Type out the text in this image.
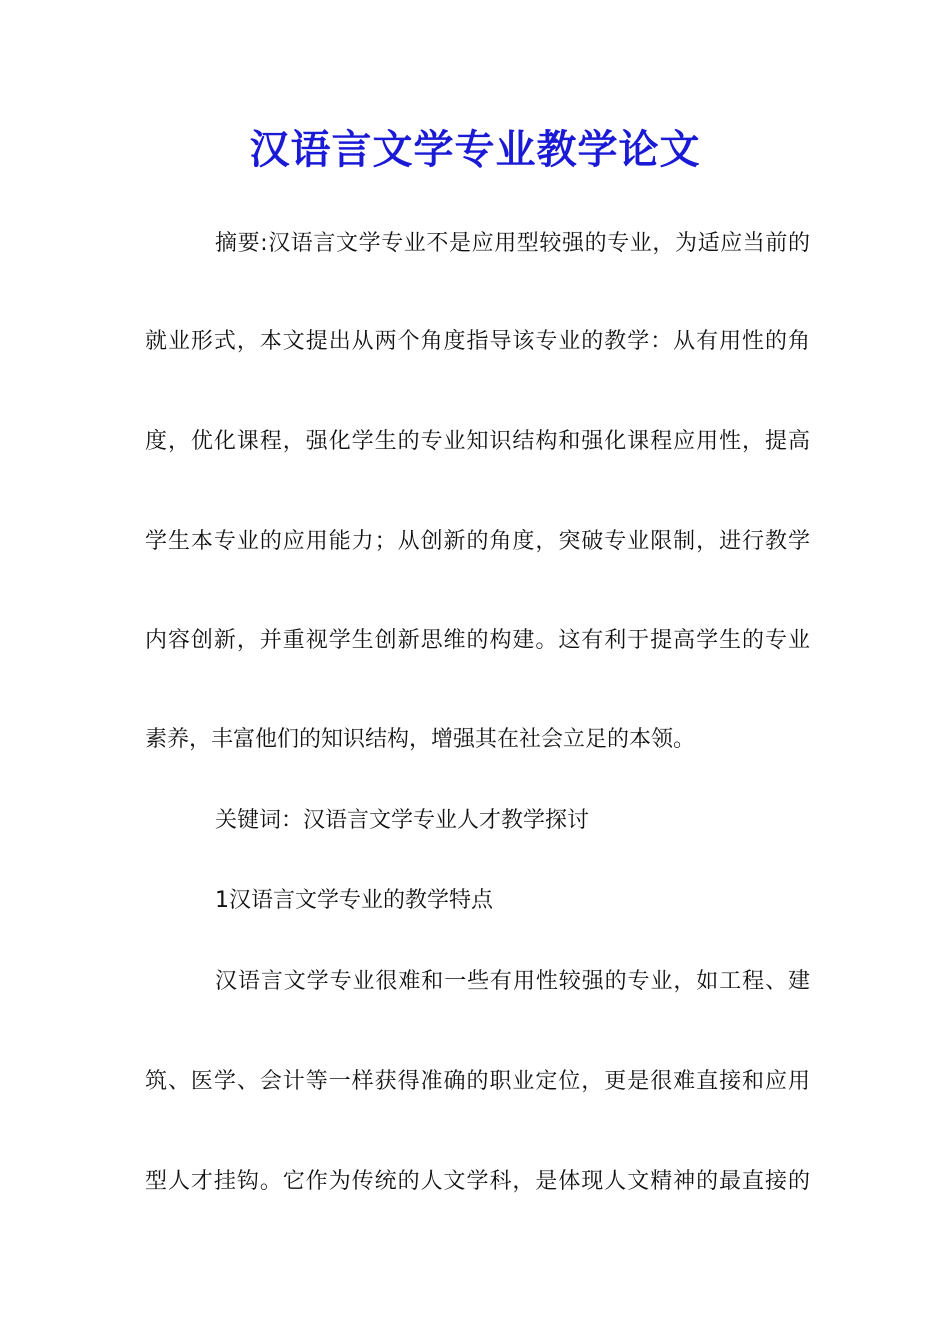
汉语言文学专业教学论文
摘要:汉语言文学专业不是应用型较强的专业，为适应当前的
就业形式，本文提出从两个角度指导该专业的教学：从有用性的角
度，优化课程，强化学生的专业知识结构和强化课程应用性，提高
学生本专业的应用能力；从创新的角度，突破专业限制，进行教学
内容创新，并重视学生创新思维的构建。这有利于提高学生的专业
素养，丰富他们的知识结构，增强其在社会立足的本领。
关键词：汉语言文学专业人才教学探讨
1汉语言文学专业的教学特点
汉语言文学专业很难和一些有用性较强的专业，如工程、建
筑、医学、会计等一样获得准确的职业定位，更是很难直接和应用
型人才挂钩。它作为传统的人文学科，是体现人文精神的最直接的
